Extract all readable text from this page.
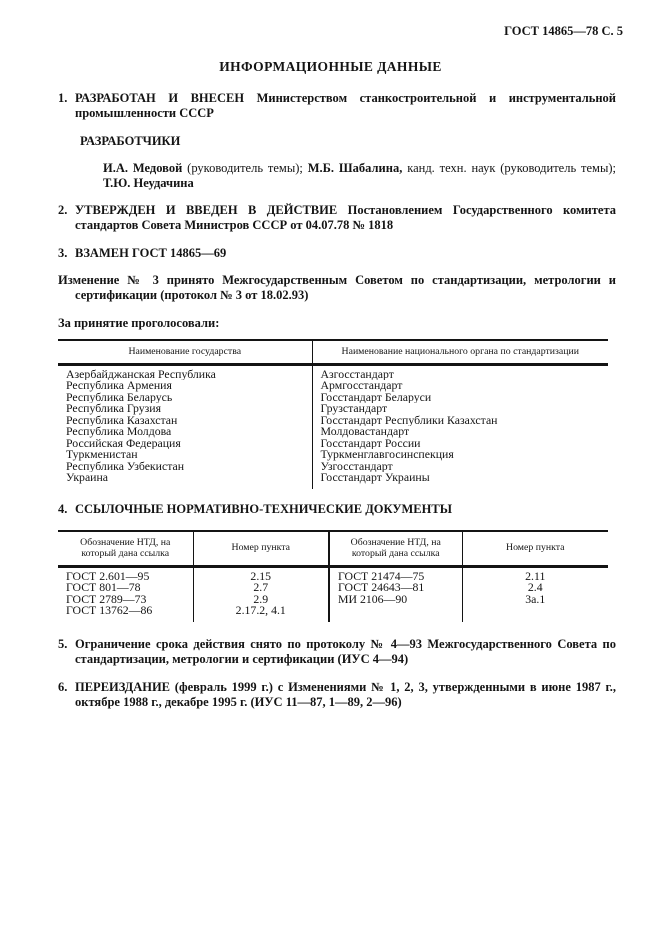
ГОСТ 14865—78 С. 5
ИНФОРМАЦИОННЫЕ ДАННЫЕ
1. РАЗРАБОТАН И ВНЕСЕН Министерством станкостроительной и инструментальной промышленности СССР
РАЗРАБОТЧИКИ

И.А. Медовой (руководитель темы); М.Б. Шабалина, канд. техн. наук (руководитель темы); Т.Ю. Неудачина

2. УТВЕРЖДЕН И ВВЕДЕН В ДЕЙСТВИЕ Постановлением Государственного комитета стандартов Совета Министров СССР от 04.07.78 № 1818
3. ВЗАМЕН ГОСТ 14865—69
Изменение № 3 принято Межгосударственным Советом по стандартизации, метрологии и сертификации (протокол № 3 от 18.02.93)
За принятие проголосовали:
Наименование государства	Наименование национального органа по стандартизации
Азербайджанская Республика	Азгосстандарт
Республика Армения	Армгосстандарт
Республика Беларусь	Госстандарт Беларуси
Республика Грузия	Грузстандарт
Республика Казахстан	Госстандарт Республики Казахстан
Республика Молдова	Молдовастандарт
Российская Федерация	Госстандарт России
Туркменистан	Туркменглавгосинспекция
Республика Узбекистан	Узгосстандарт
Украина	Госстандарт Украины

4. ССЫЛОЧНЫЕ НОРМАТИВНО-ТЕХНИЧЕСКИЕ ДОКУМЕНТЫ
Обозначение НТД, на который дана ссылка	Номер пункта	Обозначение НТД, на который дана ссылка	Номер пункта
ГОСТ 2.601—95	2.15	ГОСТ 21474—75	2.11
ГОСТ 801—78	2.7	ГОСТ 24643—81	2.4
ГОСТ 2789—73	2.9	МИ 2106—90	3а.1
ГОСТ 13762—86	2.17.2, 4.1		

5. Ограничение срока действия снято по протоколу № 4—93 Межгосударственного Совета по стандартизации, метрологии и сертификации (ИУС 4—94)
6. ПЕРЕИЗДАНИЕ (февраль 1999 г.) с Изменениями № 1, 2, 3, утвержденными в июне 1987 г., октябре 1988 г., декабре 1995 г. (ИУС 11—87, 1—89, 2—96)
